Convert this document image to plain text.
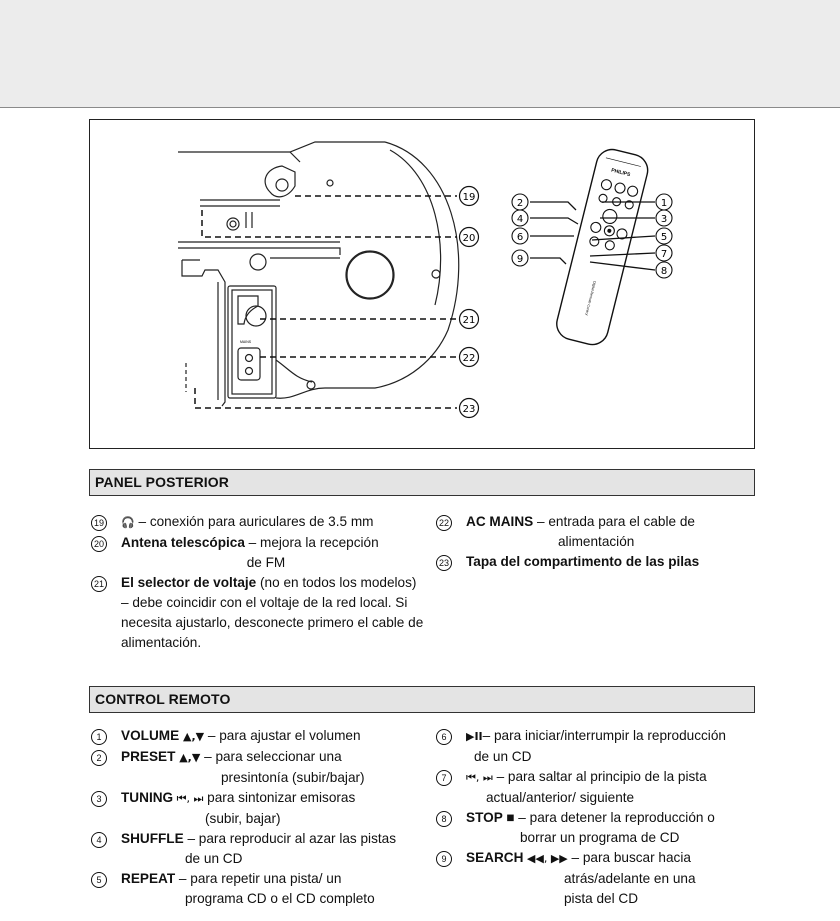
MAINS
19
20
21
22
23
PHILIPS
Digital Remote Control
2
4
6
9
1
3
5
7
8
PANEL POSTERIOR

19 🎧 – conexión para auriculares de 3.5 mm

20 Antena telescópica – mejora la recepción
de FM

21 El selector de voltaje (no en todos los modelos) – debe coincidir con el voltaje de la red local. Si necesita ajustarlo, desconecte primero el cable de alimentación.

22 AC MAINS – entrada para el cable de
alimentación

23 Tapa del compartimento de las pilas

CONTROL REMOTO

1	VOLUME ▲,▼ – para ajustar el volumen

2	PRESET ▲,▼ – para seleccionar una
presintonía (subir/bajar)

3	TUNING ⏮, ⏭ para sintonizar emisoras
(subir, bajar)

4	SHUFFLE – para reproducir al azar las pistas
de un CD

5	REPEAT – para repetir una pista/ un
programa CD o el CD completo

6	▶II– para iniciar/interrumpir la reproducción
de un CD

7	⏮, ⏭ – para saltar al principio de la pista
actual/anterior/ siguiente

8	STOP ■ – para detener la reproducción o
borrar un programa de CD

9	SEARCH ◀◀, ▶▶ – para buscar hacia
atrás/adelante en una
pista del CD
